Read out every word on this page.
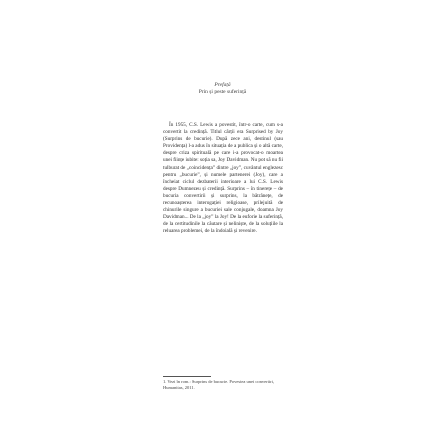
Prefață
Prin și peste suferință

În 1955, C.S. Lewis a povestit, într-o carte, cum s-a convertit la credință. Titlul cărții era Surprised by Joy (Surprins de bucurie). După zece ani, destinul (sau Providența) l-a adus în situația de a publica și o altă carte, despre criza spirituală pe care i-a provocat-o moartea unei ființe iubite: soția sa, Joy Davidman. Nu pot să nu fii tulburat de „coincidența” dintre „joy”, cuvântul englezesc pentru „bucurie”, și numele partenerei (Joy), care a încheiat ciclul dezbaterii interioare a lui C.S. Lewis despre Dumnezeu și credință. Surprins – în tinerețe – de bucuria convertirii și surprins, la bătrânețe, de recunoașterea interogației religioase, prilejuită de chinurile singure a bucuriei sale conjugale, doamna Joy Davidman... De la „joy” la Joy! De la euforie la suferință, de la certitudinile la căutare și neliniște, de la soluțiile la reluarea problemei, de la îndoială și revenire.

1. Vezi în rom.: Surprins de bucurie. Povestea unei convertiri, Humanitas, 2011.
